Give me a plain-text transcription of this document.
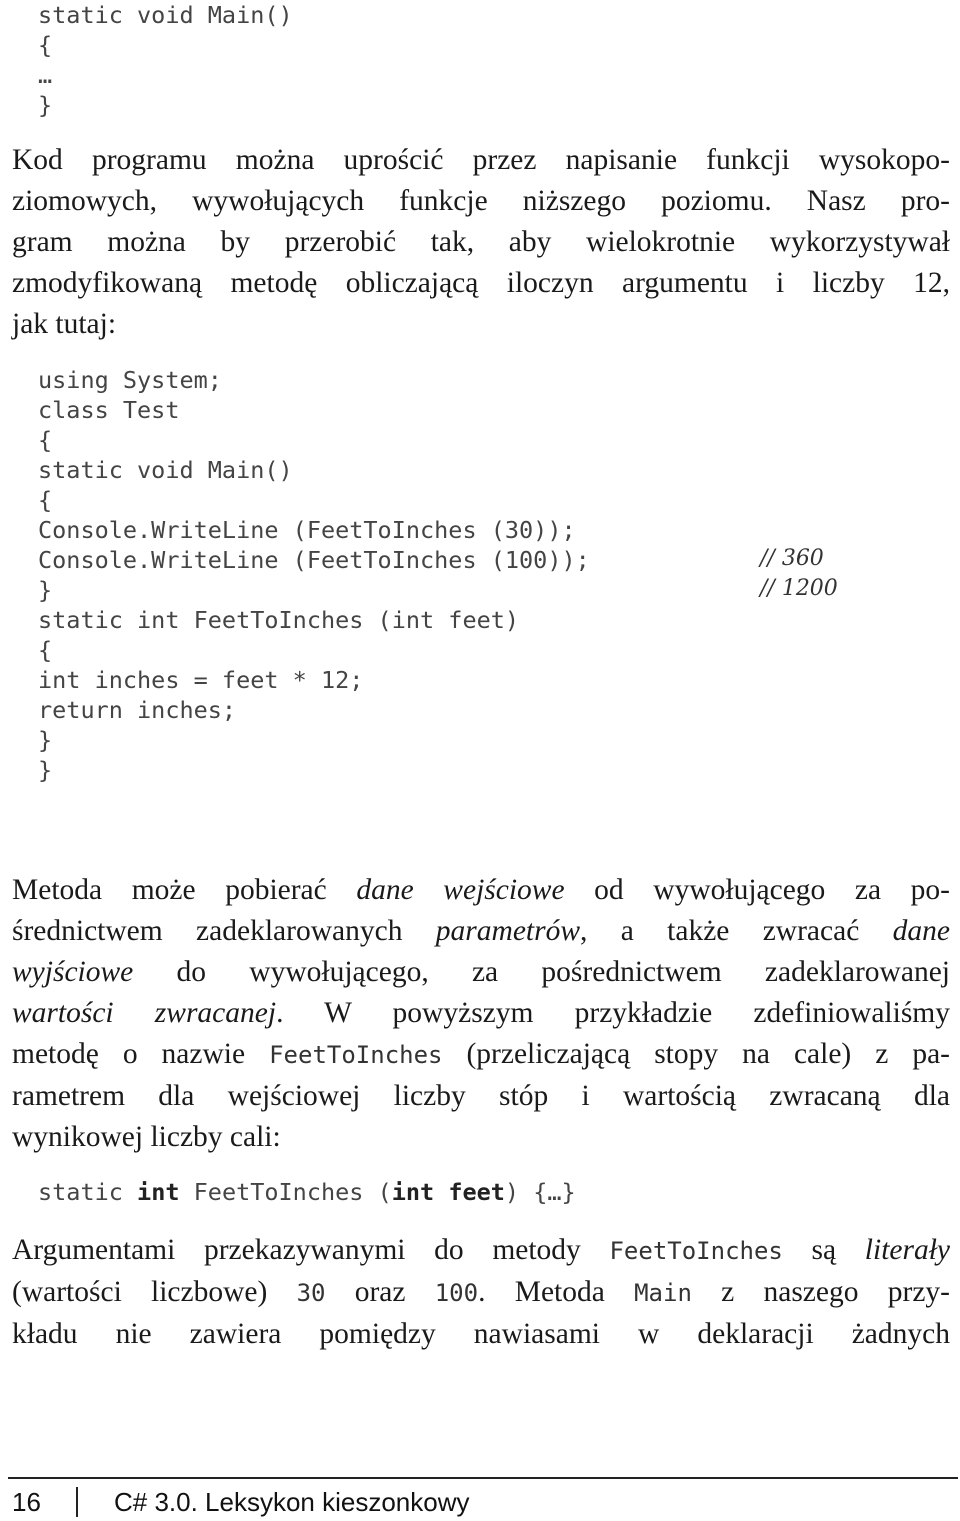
static void Main()
{
…
}
Kod programu można uprościć przez napisanie funkcji wysokopo-
ziomowych, wywołujących funkcje niższego poziomu. Nasz pro-
gram można by przerobić tak, aby wielokrotnie wykorzystywał
zmodyfikowaną metodę obliczającą iloczyn argumentu i liczby 12,
jak tutaj:
using System;
class Test
{
static void Main()
{
Console.WriteLine (FeetToInches (30));
Console.WriteLine (FeetToInches (100));
}
static int FeetToInches (int feet)
{
int inches = feet * 12;
return inches;
}
}
// 360
// 1200
Metoda może pobierać dane wejściowe od wywołującego za po-
średnictwem zadeklarowanych parametrów, a także zwracać dane
wyjściowe do wywołującego, za pośrednictwem zadeklarowanej
wartości zwracanej. W powyższym przykładzie zdefiniowaliśmy
metodę o nazwie FeetToInches (przeliczającą stopy na cale) z pa-
rametrem dla wejściowej liczby stóp i wartością zwracaną dla
wynikowej liczby cali:
static int FeetToInches (int feet) {…}
Argumentami przekazywanymi do metody FeetToInches są literały
(wartości liczbowe) 30 oraz 100. Metoda Main z naszego przy-
kładu nie zawiera pomiędzy nawiasami w deklaracji żadnych
16	C# 3.0. Leksykon kieszonkowy
